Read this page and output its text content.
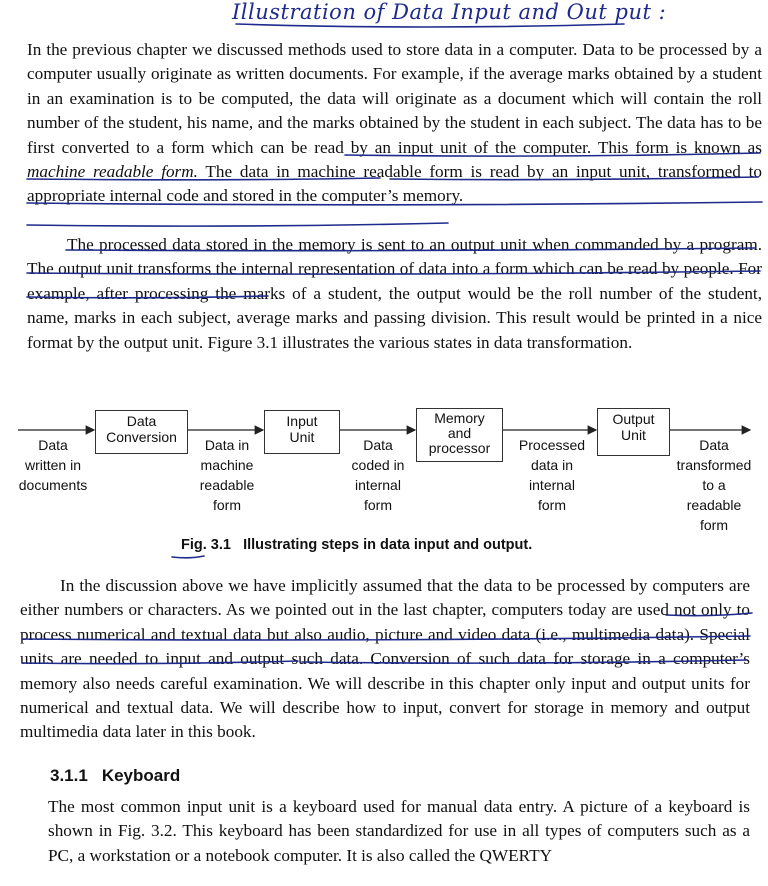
Illustration of Data Input and Out put :
In the previous chapter we discussed methods used to store data in a computer. Data to be processed by a computer usually originate as written documents. For example, if the average marks obtained by a student in an examination is to be computed, the data will originate as a document which will contain the roll number of the student, his name, and the marks obtained by the student in each subject. The data has to be first converted to a form which can be read by an input unit of the computer. This form is known as machine readable form. The data in machine readable form is read by an input unit, transformed to appropriate internal code and stored in the computer’s memory.
The processed data stored in the memory is sent to an output unit when commanded by a program. The output unit transforms the internal representation of data into a form which can be read by people. For example, after processing the marks of a student, the output would be the roll number of the student, name, marks in each subject, average marks and passing division. This result would be printed in a nice format by the output unit. Figure 3.1 illustrates the various states in data transformation.
Data
Conversion
Input
Unit
Memory
and
processor
Output
Unit
Data
written in
documents
Data in
machine
readable
form
Data
coded in
internal
form
Processed
data in
internal
form
Data
transformed
to a
readable
form
Fig. 3.1 Illustrating steps in data input and output.
In the discussion above we have implicitly assumed that the data to be processed by computers are either numbers or characters. As we pointed out in the last chapter, computers today are used not only to process numerical and textual data but also audio, picture and video data (i.e., multimedia data). Special units are needed to input and output such data. Conversion of such data for storage in a computer’s memory also needs careful examination. We will describe in this chapter only input and output units for numerical and textual data. We will describe how to input, convert for storage in memory and output multimedia data later in this book.
3.1.1 Keyboard
The most common input unit is a keyboard used for manual data entry. A picture of a keyboard is shown in Fig. 3.2. This keyboard has been standardized for use in all types of computers such as a PC, a workstation or a notebook computer. It is also called the QWERTY
